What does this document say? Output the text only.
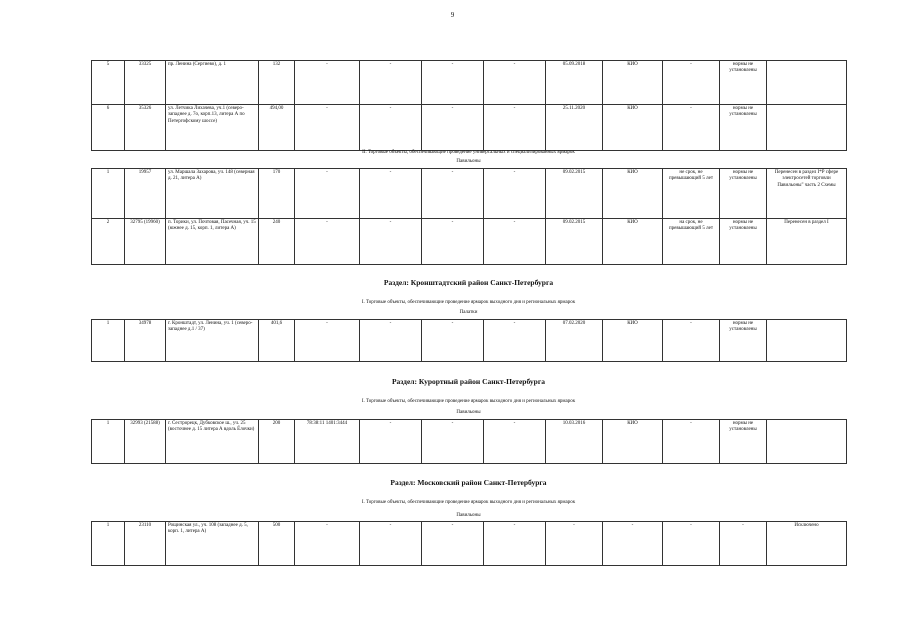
9
5	33325	пр. Ленина (Сергиево), д. 1	132	-	-	-	-	05.09.2018	КИО	-	нормы не установлены	
6	35326	ул. Летчика Лихачева, уч.1 (северо-западнее д. 7о, корп.13, литера А по Петергофскому шоссе)	494,00	-	-	-	-	25.11.2020	КИО	-	нормы не установлены	
II. Торговые объекты, обеспечивающие проведение универсальных и специализированных ярмарок
Павильоны
1	19957	ул. Маршала Захарова, уч. 148 (северная д. 21, литера А)	170	-	-	-	-	09.02.2015	КИО	не срок, не превышающий 5 лет	нормы не установлены	Перенесен в раздел I*Р сфере электросетей торговли Павильоны" часть 2 Схемы
2	32795 (19960)	п. Торики, ул. Почтовая, Пасечная, уч. 15 (южнее д. 15, корп. 1, литера А)	240	-	-	-	-	09.02.2015	КИО	на срок, не превышающий 5 лет	нормы не установлены	Перенесен в раздел I
Раздел: Кронштадтский район Санкт-Петербурга
I. Торговые объекты, обеспечивающие проведение ярмарок выходного дня и региональных ярмарок
Палатки
1	34978	г. Кронштадт, ул. Ленина, уч. 1 (северо-западнее д.1 / 37)	401,6	-	-	-	-	07.02.2020	КИО	-	нормы не установлены	
Раздел: Курортный район Санкт-Петербурга
I. Торговые объекты, обеспечивающие проведение ярмарок выходного дня и региональных ярмарок
Павильоны
1	32993 (21588)	г. Сестрорецк, Дубковское ш., уч. 25 (восточнее д. 15 литера А вдоль Ёлочки)	200	78:38:11 1401:3444	-	-	-	10.03.2016	КИО	-	нормы не установлены	
Раздел: Московский район Санкт-Петербурга
I. Торговые объекты, обеспечивающие проведение ярмарок выходного дня и региональных ярмарок
Павильоны
1	23110	Рощинская ул., уч. 108 (западнее д. 5, корп. 1, литера А)	500	-	-	-	-	-	-	-	-	Исключено
